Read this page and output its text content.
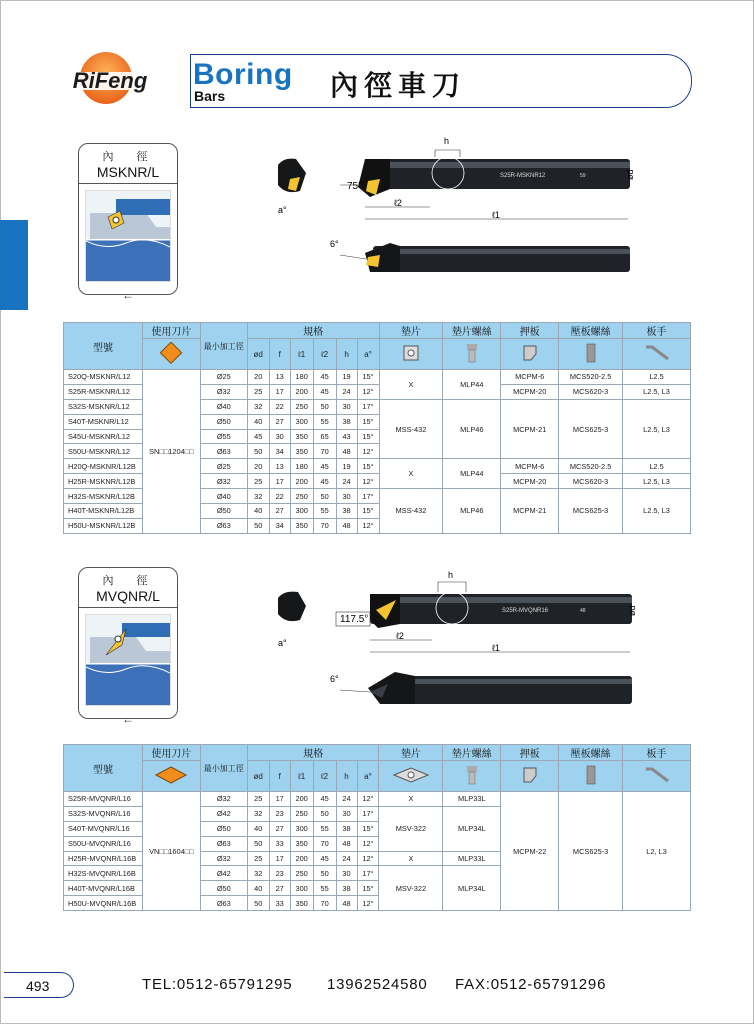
RiFeng Boring
Bars	內徑車刀
內　徑
MSKNR/L
←
S25R-MSKNR12	59
h
75°
a°
ℓ2
ℓ1
ød
6°
型號	使用刀片	最小加工徑	規格						墊片	墊片螺絲	押板	壓板螺絲	板手
	ød	f	ℓ1	ℓ2	h	a°					
S20Q-MSKNR/L12	SN□□1204□□	Ø25	20	13	180	45	19	15°	X	MLP44	MCPM-6	MCS520-2.5	L2.5
S25R-MSKNR/L12		Ø32	25	17	200	45	24	12°			MCPM-20	MCS620-3	L2.5, L3
S32S-MSKNR/L12		Ø40	32	22	250	50	30	17°	MSS-432	MLP46	MCPM-21	MCS625-3	L2.5, L3
S40T-MSKNR/L12		Ø50	40	27	300	55	38	15°					
S45U-MSKNR/L12		Ø55	45	30	350	65	43	15°					
S50U-MSKNR/L12		Ø63	50	34	350	70	48	12°					
H20Q-MSKNR/L12B		Ø25	20	13	180	45	19	15°	X	MLP44	MCPM-6	MCS520-2.5	L2.5
H25R-MSKNR/L12B		Ø32	25	17	200	45	24	12°			MCPM-20	MCS620-3	L2.5, L3
H32S-MSKNR/L12B		Ø40	32	22	250	50	30	17°	MSS-432	MLP46	MCPM-21	MCS625-3	L2.5, L3
H40T-MSKNR/L12B		Ø50	40	27	300	55	38	15°					
H50U-MSKNR/L12B		Ø63	50	34	350	70	48	12°					
內　徑
MVQNR/L
←
S25R-MVQNR16	48
h
117.5°
a°
ℓ2
ℓ1
ød
6°
型號	使用刀片	最小加工徑	規格						墊片	墊片螺絲	押板	壓板螺絲	板手
	ød	f	ℓ1	ℓ2	h	a°					
S25R-MVQNR/L16	VN□□1604□□	Ø32	25	17	200	45	24	12°	X	MLP33L	MCPM-22	MCS625-3	L2, L3
S32S-MVQNR/L16		Ø42	32	23	250	50	30	17°	MSV-322	MLP34L			
S40T-MVQNR/L16		Ø50	40	27	300	55	38	15°					
S50U-MVQNR/L16		Ø63	50	33	350	70	48	12°					
H25R-MVQNR/L16B		Ø32	25	17	200	45	24	12°	X	MLP33L			
H32S-MVQNR/L16B		Ø42	32	23	250	50	30	17°	MSV-322	MLP34L			
H40T-MVQNR/L16B		Ø50	40	27	300	55	38	15°					
H50U-MVQNR/L16B		Ø63	50	33	350	70	48	12°					
493	TEL:0512-65791295 13962524580 FAX:0512-65791296
